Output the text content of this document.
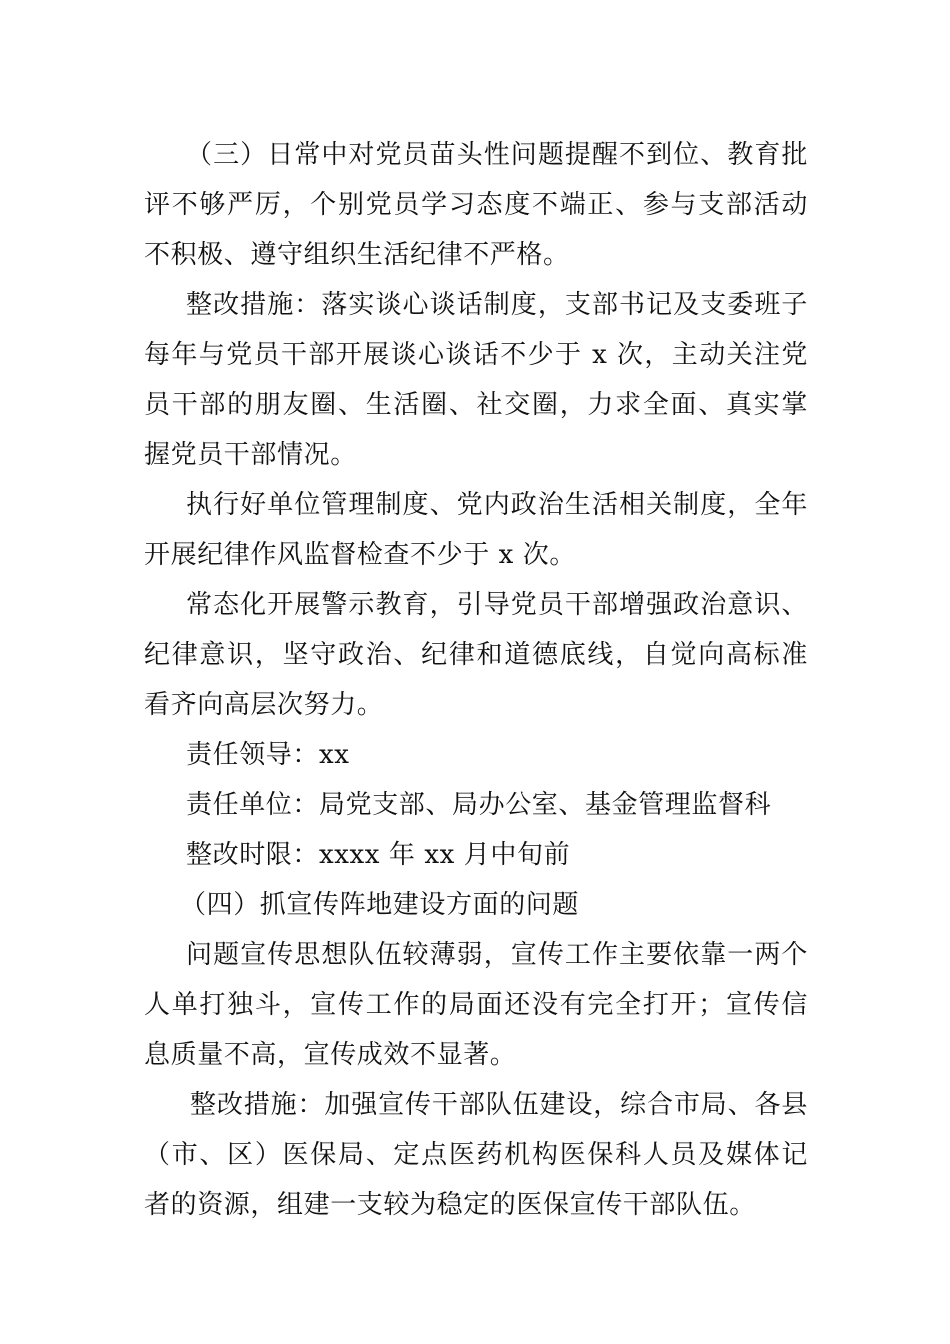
（三）日常中对党员苗头性问题提醒不到位、教育批评不够严厉，个别党员学习态度不端正、参与支部活动不积极、遵守组织生活纪律不严格。

整改措施：落实谈心谈话制度，支部书记及支委班子每年与党员干部开展谈心谈话不少于 x 次，主动关注党员干部的朋友圈、生活圈、社交圈，力求全面、真实掌握党员干部情况。

执行好单位管理制度、党内政治生活相关制度，全年开展纪律作风监督检查不少于 x 次。

常态化开展警示教育，引导党员干部增强政治意识、纪律意识，坚守政治、纪律和道德底线，自觉向高标准看齐向高层次努力。

责任领导：xx

责任单位：局党支部、局办公室、基金管理监督科

整改时限：xxxx 年 xx 月中旬前

（四）抓宣传阵地建设方面的问题

问题宣传思想队伍较薄弱，宣传工作主要依靠一两个人单打独斗，宣传工作的局面还没有完全打开；宣传信息质量不高，宣传成效不显著。

整改措施：加强宣传干部队伍建设，综合市局、各县（市、区）医保局、定点医药机构医保科人员及媒体记者的资源，组建一支较为稳定的医保宣传干部队伍。
